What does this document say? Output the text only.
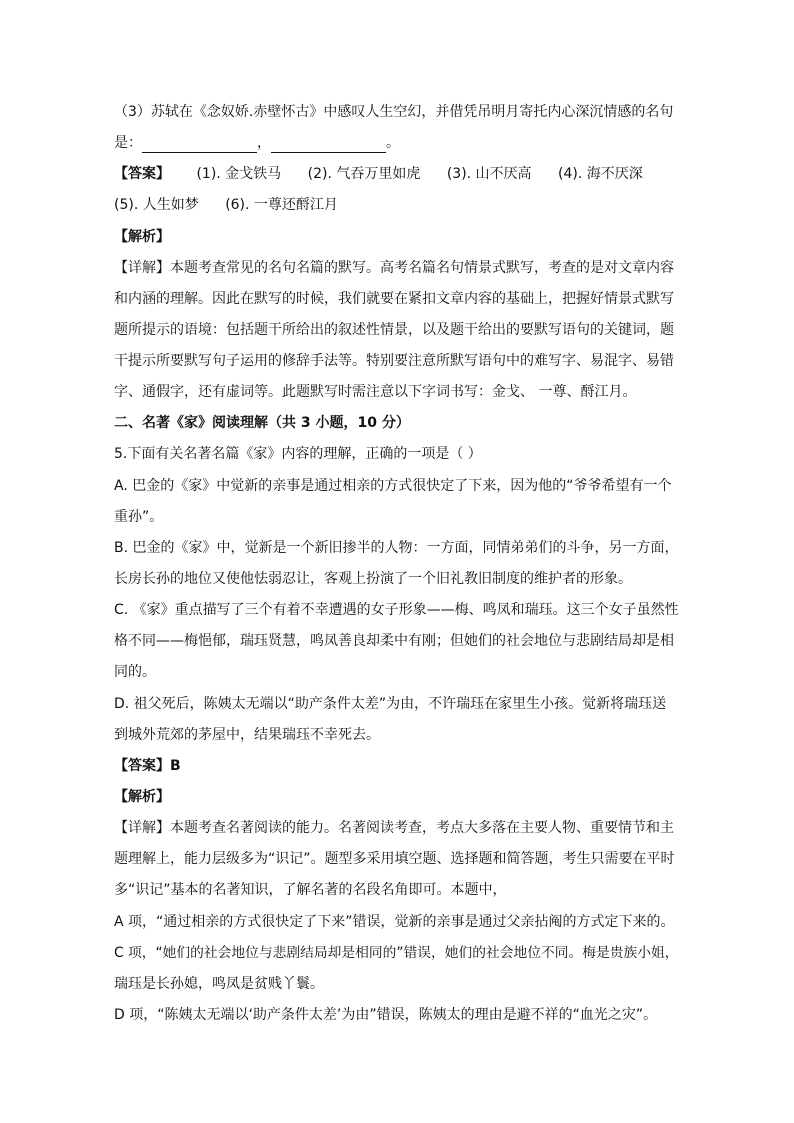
（3）苏轼在《念奴娇.赤壁怀古》中感叹人生空幻，并借凭吊明月寄托内心深沉情感的名句
是：	，	。
【答案】 (1). 金戈铁马 (2). 气吞万里如虎 (3). 山不厌高 (4). 海不厌深
(5). 人生如梦 (6). 一尊还酹江月
【解析】
【详解】本题考查常见的名句名篇的默写。高考名篇名句情景式默写，考查的是对文章内容
和内涵的理解。因此在默写的时候，我们就要在紧扣文章内容的基础上，把握好情景式默写
题所提示的语境：包括题干所给出的叙述性情景，以及题干给出的要默写语句的关键词，题
干提示所要默写句子运用的修辞手法等。特别要注意所默写语句中的难写字、易混字、易错
字、通假字，还有虚词等。此题默写时需注意以下字词书写：金戈、 一尊、酹江月。
二、名著《家》阅读理解（共 3 小题，10 分）
5.下面有关名著名篇《家》内容的理解，正确的一项是（ ）
A. 巴金的《家》中觉新的亲事是通过相亲的方式很快定了下来，因为他的“爷爷希望有一个
重孙”。
B. 巴金的《家》中，觉新是一个新旧掺半的人物：一方面，同情弟弟们的斗争，另一方面，
长房长孙的地位又使他怯弱忍让，客观上扮演了一个旧礼教旧制度的维护者的形象。
C. 《家》重点描写了三个有着不幸遭遇的女子形象——梅、鸣凤和瑞珏。这三个女子虽然性
格不同——梅悒郁，瑞珏贤慧，鸣凤善良却柔中有刚；但她们的社会地位与悲剧结局却是相
同的。
D. 祖父死后，陈姨太无端以“助产条件太差”为由，不许瑞珏在家里生小孩。觉新将瑞珏送
到城外荒郊的茅屋中，结果瑞珏不幸死去。
【答案】B
【解析】
【详解】本题考查名著阅读的能力。名著阅读考查，考点大多落在主要人物、重要情节和主
题理解上，能力层级多为“识记”。题型多采用填空题、选择题和简答题，考生只需要在平时
多“识记”基本的名著知识，了解名著的名段名角即可。本题中，
A 项，“通过相亲的方式很快定了下来”错误，觉新的亲事是通过父亲拈阄的方式定下来的。
C 项，“她们的社会地位与悲剧结局却是相同的”错误，她们的社会地位不同。梅是贵族小姐，
瑞珏是长孙媳，鸣凤是贫贱丫鬟。
D 项，“陈姨太无端以‘助产条件太差’为由”错误，陈姨太的理由是避不祥的“血光之灾”。
